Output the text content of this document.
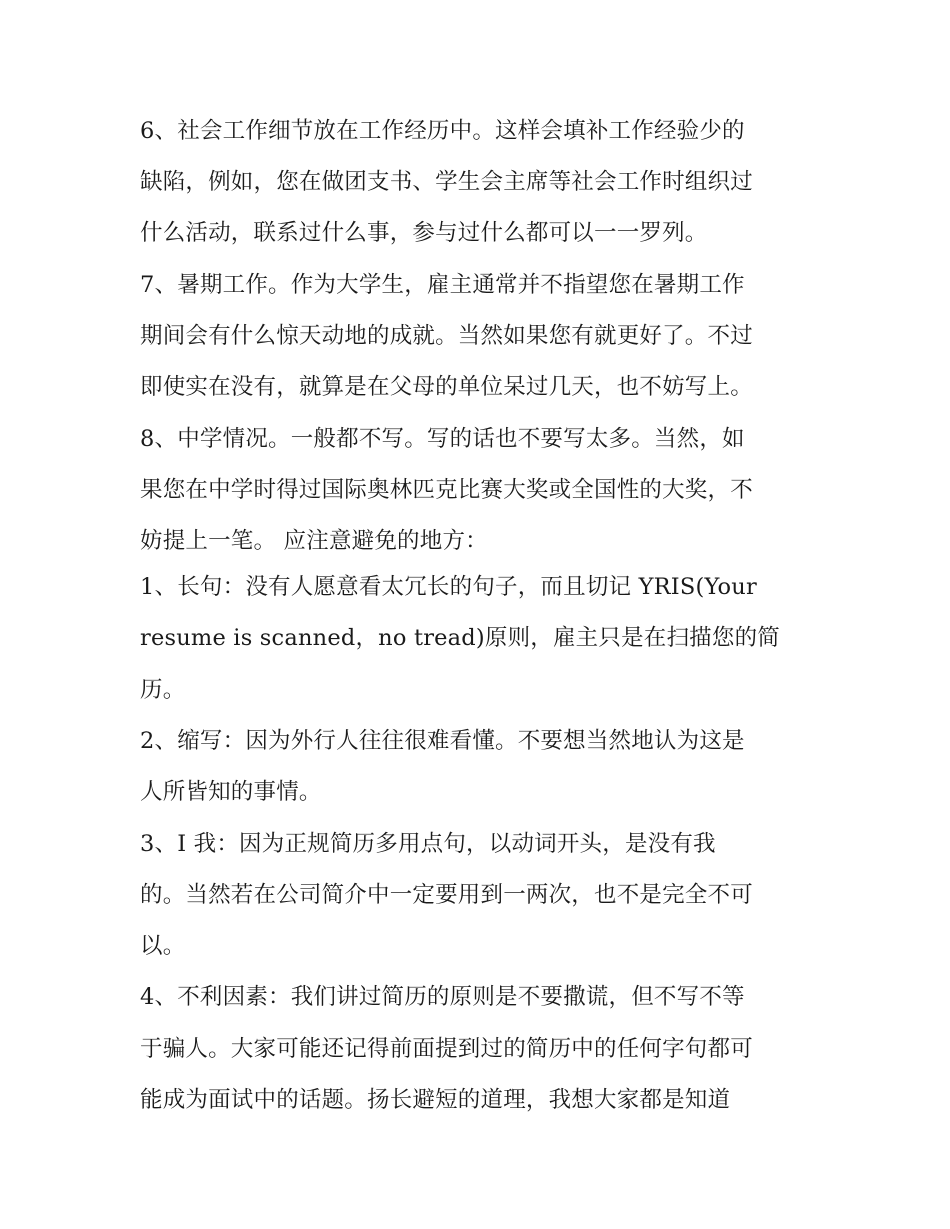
6、社会工作细节放在工作经历中。这样会填补工作经验少的

缺陷，例如，您在做团支书、学生会主席等社会工作时组织过

什么活动，联系过什么事，参与过什么都可以一一罗列。

7、暑期工作。作为大学生，雇主通常并不指望您在暑期工作

期间会有什么惊天动地的成就。当然如果您有就更好了。不过

即使实在没有，就算是在父母的单位呆过几天，也不妨写上。

8、中学情况。一般都不写。写的话也不要写太多。当然，如

果您在中学时得过国际奥林匹克比赛大奖或全国性的大奖，不

妨提上一笔。 应注意避免的地方：

1、长句：没有人愿意看太冗长的句子，而且切记 YRIS(Your

resume is scanned，no tread)原则，雇主只是在扫描您的简

历。

2、缩写：因为外行人往往很难看懂。不要想当然地认为这是

人所皆知的事情。

3、I 我：因为正规简历多用点句，以动词开头，是没有我

的。当然若在公司简介中一定要用到一两次，也不是完全不可

以。

4、不利因素：我们讲过简历的原则是不要撒谎，但不写不等

于骗人。大家可能还记得前面提到过的简历中的任何字句都可

能成为面试中的话题。扬长避短的道理，我想大家都是知道
